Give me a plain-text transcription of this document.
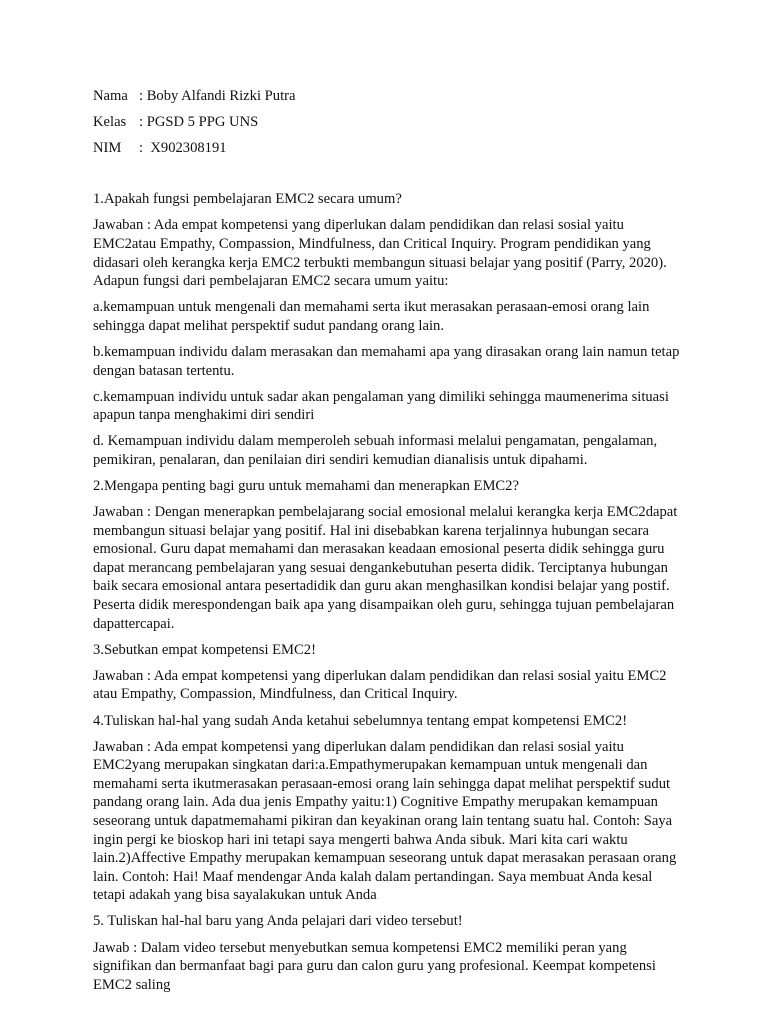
Nama : Boby Alfandi Rizki Putra
Kelas : PGSD 5 PPG UNS
NIM	:  X902308191

1.Apakah fungsi pembelajaran EMC2 secara umum?

Jawaban : Ada empat kompetensi yang diperlukan dalam pendidikan dan relasi sosial yaitu EMC2atau Empathy, Compassion, Mindfulness, dan Critical Inquiry. Program pendidikan yang didasari oleh kerangka kerja EMC2 terbukti membangun situasi belajar yang positif (Parry, 2020). Adapun fungsi dari pembelajaran EMC2 secara umum yaitu:

a.kemampuan untuk mengenali dan memahami serta ikut merasakan perasaan-emosi orang lain sehingga dapat melihat perspektif sudut pandang orang lain.

b.kemampuan individu dalam merasakan dan memahami apa yang dirasakan orang lain namun tetap dengan batasan tertentu.

c.kemampuan individu untuk sadar akan pengalaman yang dimiliki sehingga maumenerima situasi apapun tanpa menghakimi diri sendiri

d. Kemampuan individu dalam memperoleh sebuah informasi melalui pengamatan, pengalaman, pemikiran, penalaran, dan penilaian diri sendiri kemudian dianalisis untuk dipahami.

2.Mengapa penting bagi guru untuk memahami dan menerapkan EMC2?

Jawaban : Dengan menerapkan pembelajarang social emosional melalui kerangka kerja EMC2dapat membangun situasi belajar yang positif. Hal ini disebabkan karena terjalinnya hubungan secara emosional. Guru dapat memahami dan merasakan keadaan emosional peserta didik sehingga guru dapat merancang pembelajaran yang sesuai dengankebutuhan peserta didik. Terciptanya hubungan baik secara emosional antara pesertadidik dan guru akan menghasilkan kondisi belajar yang postif. Peserta didik merespondengan baik apa yang disampaikan oleh guru, sehingga tujuan pembelajaran dapattercapai.

3.Sebutkan empat kompetensi EMC2!

Jawaban : Ada empat kompetensi yang diperlukan dalam pendidikan dan relasi sosial yaitu EMC2 atau Empathy, Compassion, Mindfulness, dan Critical Inquiry.

4.Tuliskan hal-hal yang sudah Anda ketahui sebelumnya tentang empat kompetensi EMC2!

Jawaban : Ada empat kompetensi yang diperlukan dalam pendidikan dan relasi sosial yaitu EMC2yang merupakan singkatan dari:a.Empathymerupakan kemampuan untuk mengenali dan memahami serta ikutmerasakan perasaan-emosi orang lain sehingga dapat melihat perspektif sudut pandang orang lain. Ada dua jenis Empathy yaitu:1) Cognitive Empathy merupakan kemampuan seseorang untuk dapatmemahami pikiran dan keyakinan orang lain tentang suatu hal. Contoh: Saya ingin pergi ke bioskop hari ini tetapi saya mengerti bahwa Anda sibuk. Mari kita cari waktu lain.2)Affective Empathy merupakan kemampuan seseorang untuk dapat merasakan perasaan orang lain. Contoh: Hai! Maaf mendengar Anda kalah dalam pertandingan. Saya membuat Anda kesal tetapi adakah yang bisa sayalakukan untuk Anda

5. Tuliskan hal-hal baru yang Anda pelajari dari video tersebut!

Jawab : Dalam video tersebut menyebutkan semua kompetensi EMC2 memiliki peran yang signifikan dan bermanfaat bagi para guru dan calon guru yang profesional. Keempat kompetensi EMC2 saling
